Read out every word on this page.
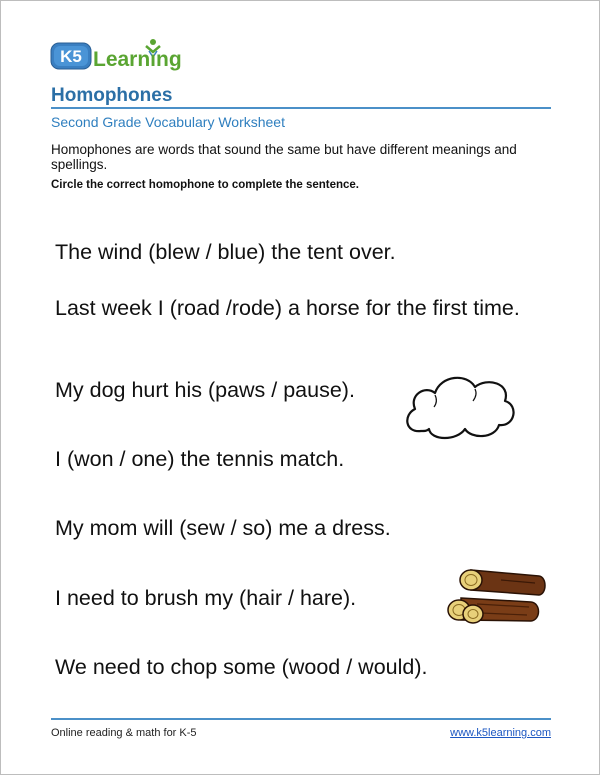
K5 Learning
Homophones
Second Grade Vocabulary Worksheet
Homophones are words that sound the same but have different meanings and spellings.
Circle the correct homophone to complete the sentence.
The wind (blew / blue) the tent over.
Last week I (road /rode) a horse for the first time.
My dog hurt his (paws / pause).
I (won / one) the tennis match.
My mom will (sew / so) me a dress.
I need to brush my (hair / hare).
We need to chop some (wood / would).
Online reading & math for K-5	www.k5learning.com
